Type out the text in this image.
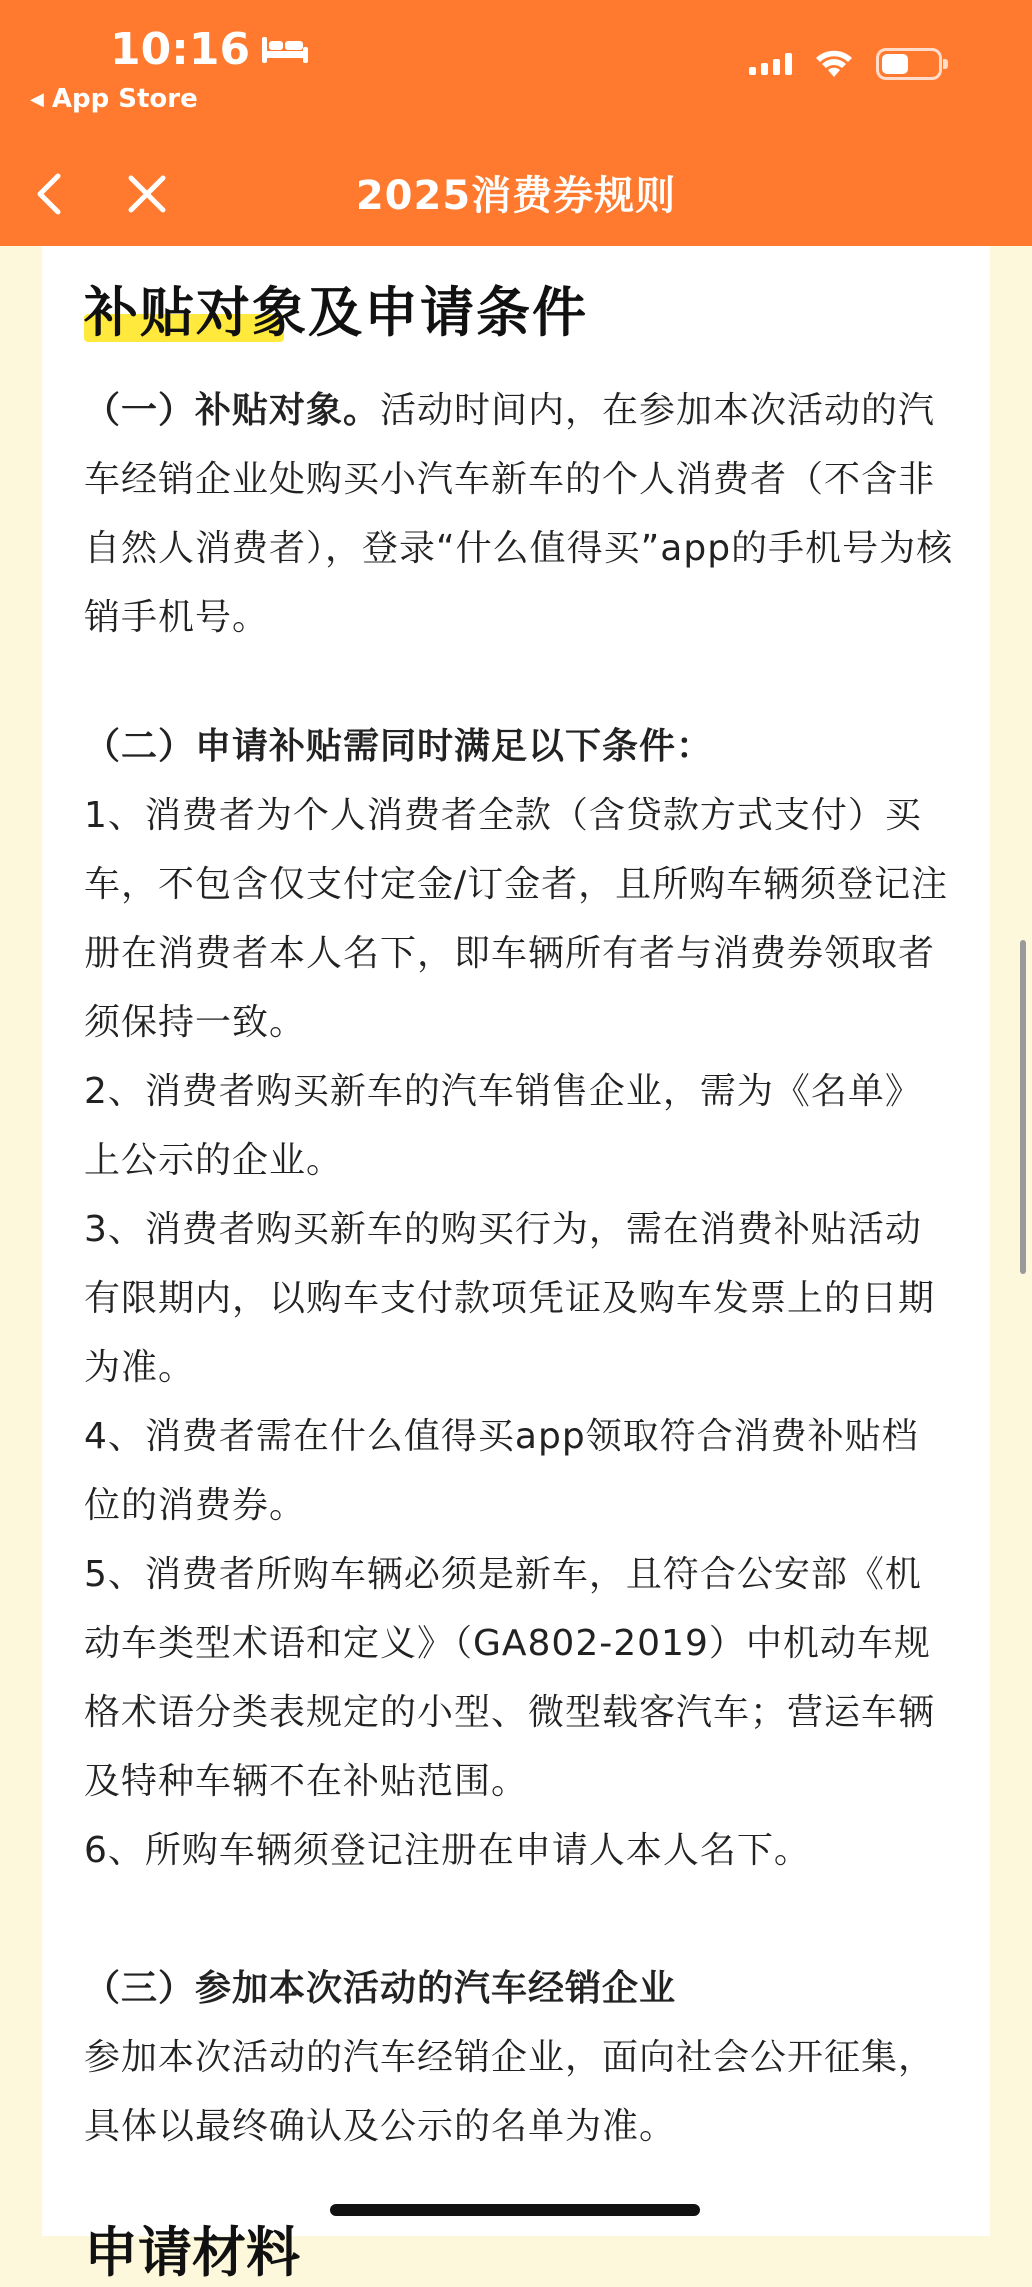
10:16
◀ App Store
2025消费券规则
补贴对象及申请条件
（一）补贴对象。活动时间内，在参加本次活动的汽车经销企业处购买小汽车新车的个人消费者（不含非自然人消费者），登录“什么值得买”app的手机号为核销手机号。
（二）申请补贴需同时满足以下条件：
1、消费者为个人消费者全款（含贷款方式支付）买车，不包含仅支付定金/订金者，且所购车辆须登记注册在消费者本人名下，即车辆所有者与消费券领取者须保持一致。
2、消费者购买新车的汽车销售企业，需为《名单》上公示的企业。
3、消费者购买新车的购买行为，需在消费补贴活动有限期内，以购车支付款项凭证及购车发票上的日期为准。
4、消费者需在什么值得买app领取符合消费补贴档位的消费券。
5、消费者所购车辆必须是新车，且符合公安部《机动车类型术语和定义》（GA802-2019）中机动车规格术语分类表规定的小型、微型载客汽车；营运车辆及特种车辆不在补贴范围。
6、所购车辆须登记注册在申请人本人名下。
（三）参加本次活动的汽车经销企业
参加本次活动的汽车经销企业，面向社会公开征集，具体以最终确认及公示的名单为准。
申请材料
